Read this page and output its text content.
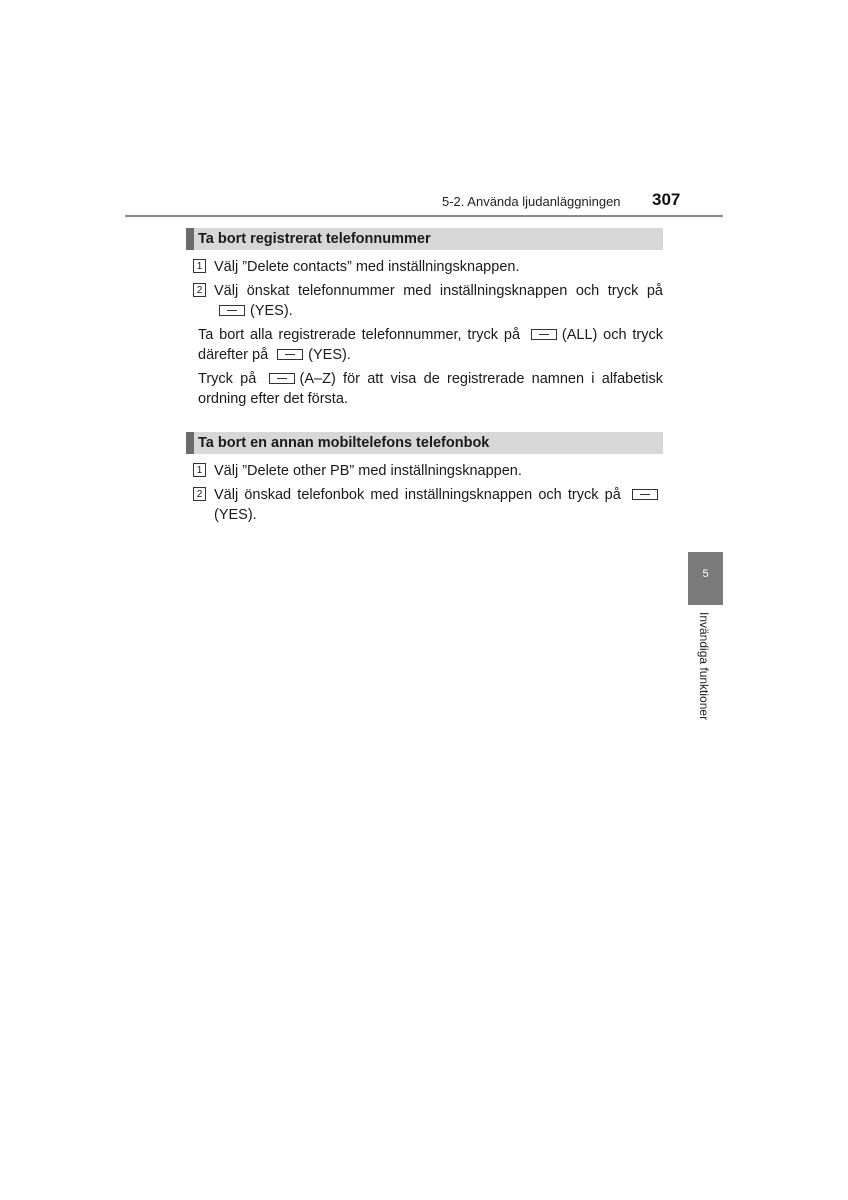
5-2. Använda ljudanläggningen 307
Ta bort registrerat telefonnummer
1 Välj ”Delete contacts” med inställningsknappen.
2 Välj önskat telefonnummer med inställningsknappen och tryck på (YES).
Ta bort alla registrerade telefonnummer, tryck på	(ALL) och tryck därefter på	(YES).
Tryck på	(A–Z) för att visa de registrerade namnen i alfabetisk ordning efter det första.
Ta bort en annan mobiltelefons telefonbok
1 Välj ”Delete other PB” med inställningsknappen.
2 Välj önskad telefonbok med inställningsknappen och tryck på (YES).
5
Invändiga funktioner
